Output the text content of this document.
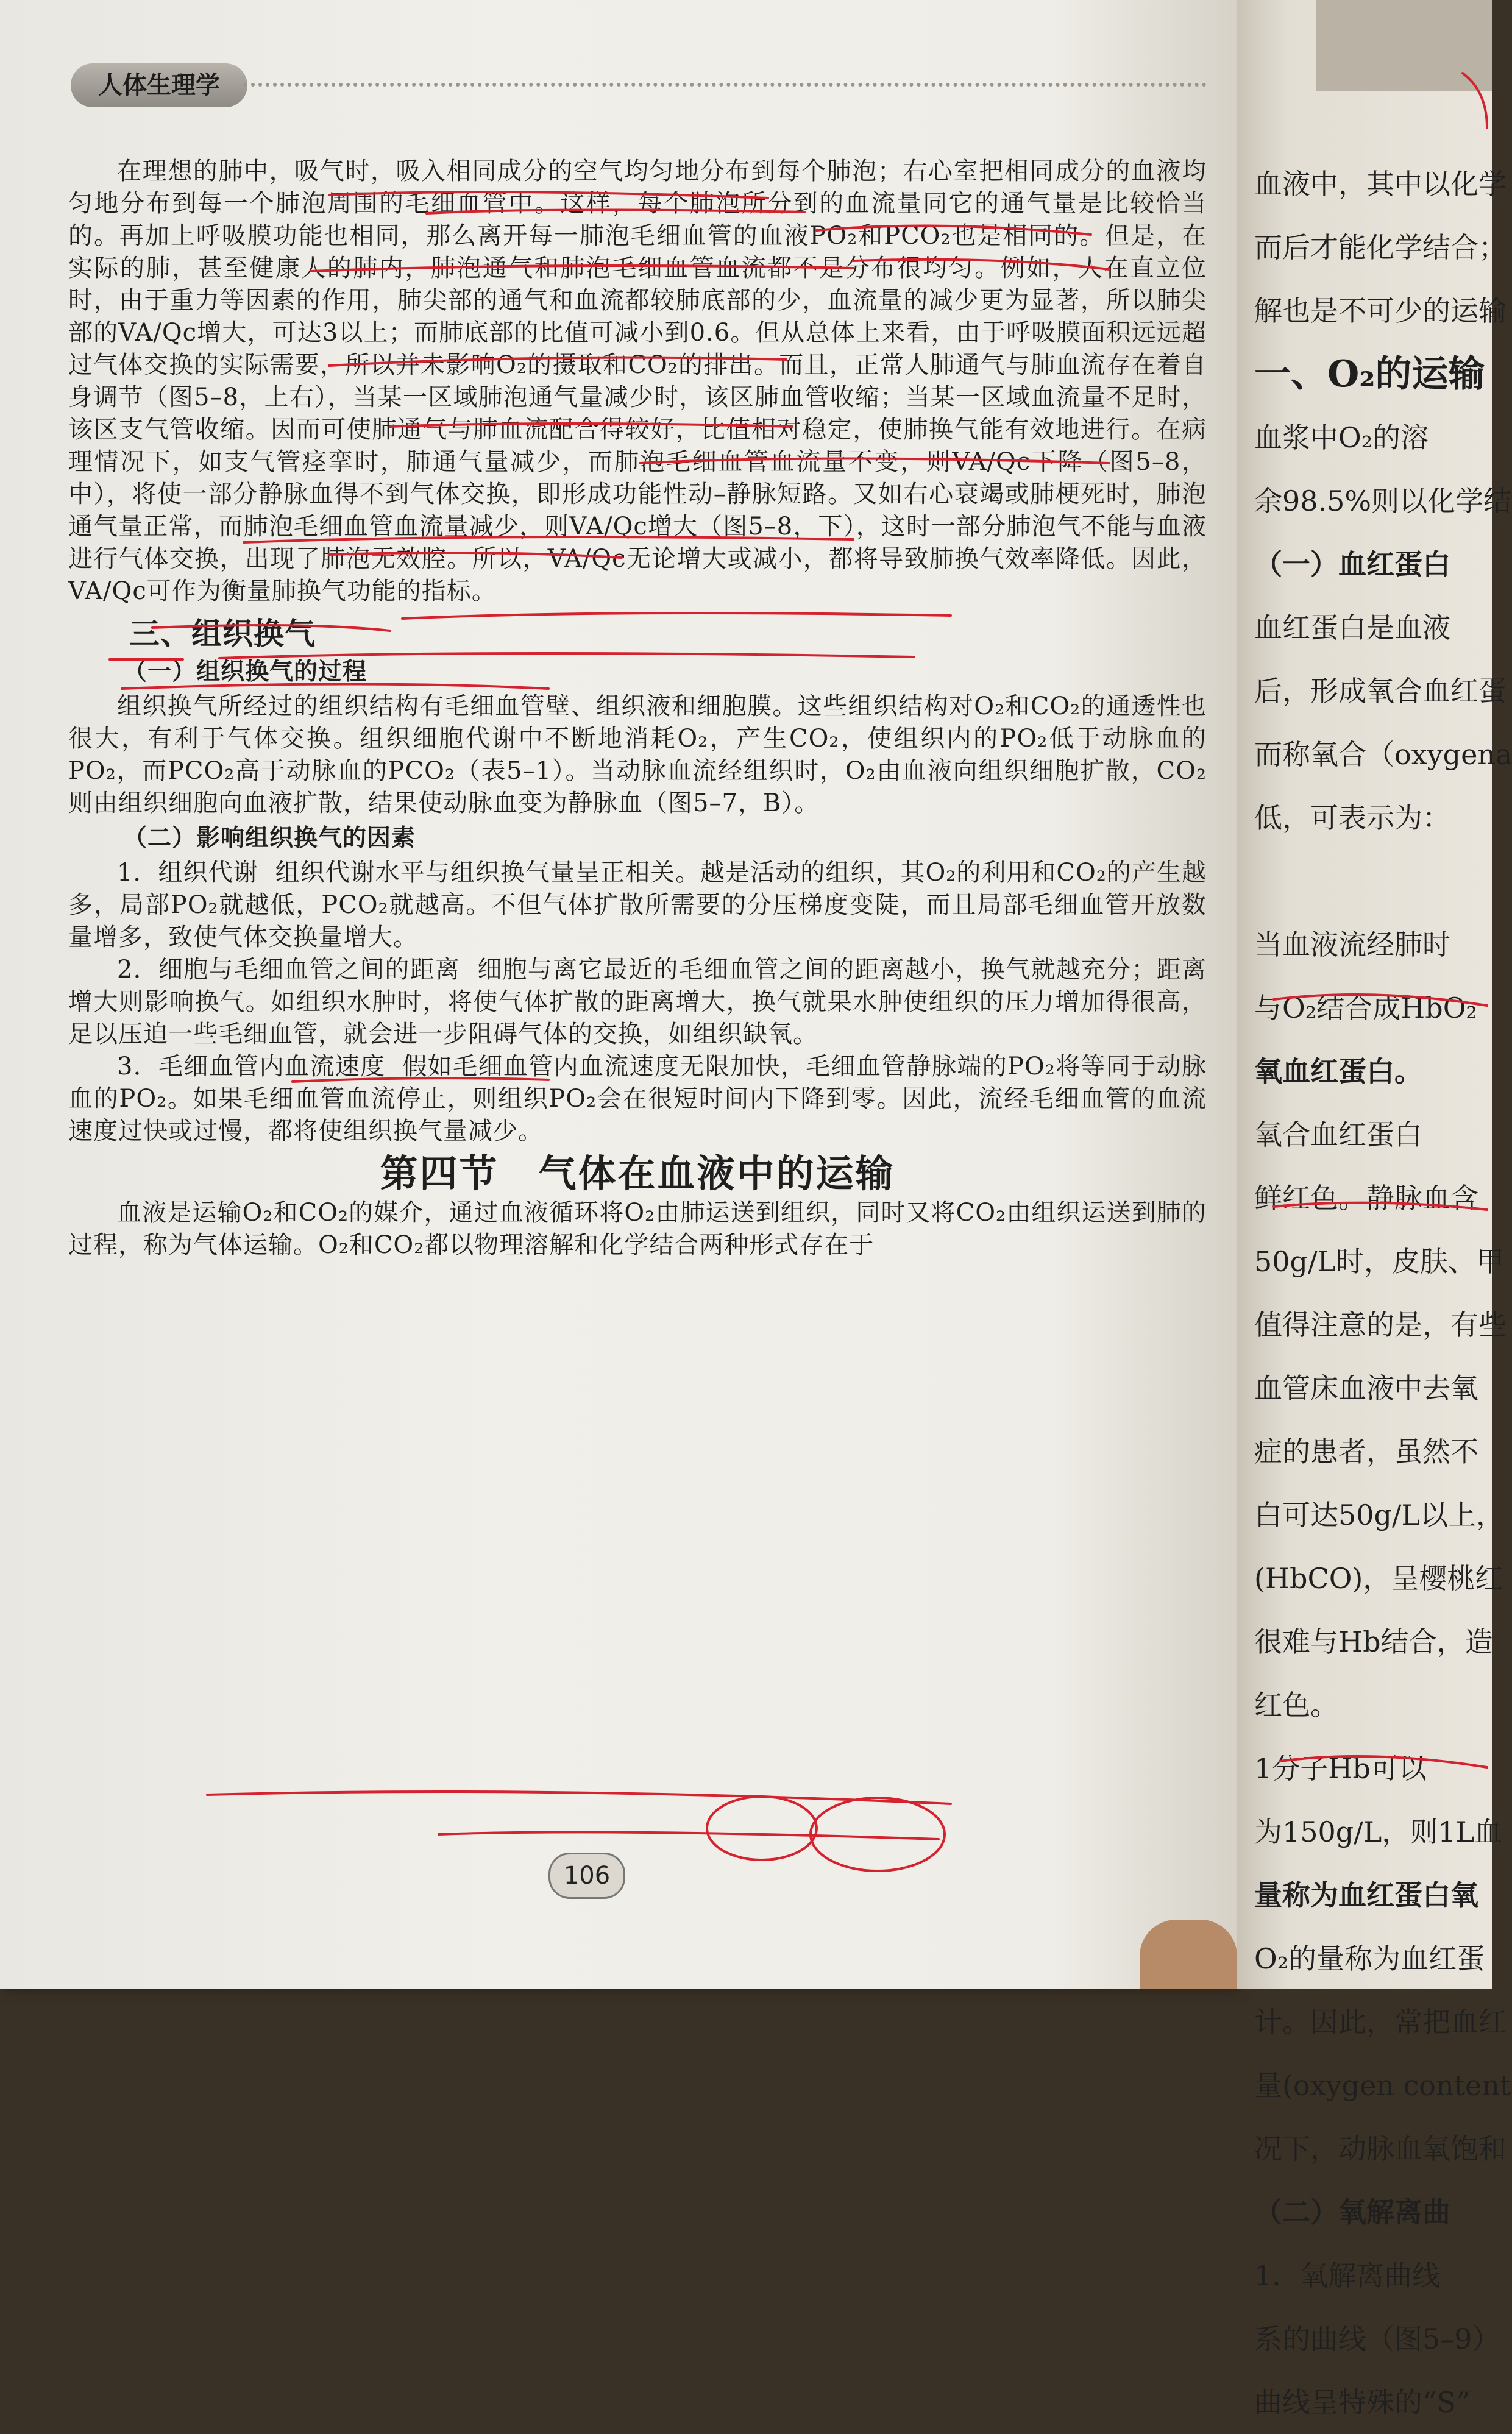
人体生理学

在理想的肺中，吸气时，吸入相同成分的空气均匀地分布到每个肺泡；右心室把相同成分的血液均匀地分布到每一个肺泡周围的毛细血管中。这样，每个肺泡所分到的血流量同它的通气量是比较恰当的。再加上呼吸膜功能也相同，那么离开每一肺泡毛细血管的血液PO₂和PCO₂也是相同的。但是，在实际的肺，甚至健康人的肺内，肺泡通气和肺泡毛细血管血流都不是分布很均匀。例如，人在直立位时，由于重力等因素的作用，肺尖部的通气和血流都较肺底部的少，血流量的减少更为显著，所以肺尖部的VA/Qc增大，可达3以上；而肺底部的比值可减小到0.6。但从总体上来看，由于呼吸膜面积远远超过气体交换的实际需要，所以并未影响O₂的摄取和CO₂的排出。而且，正常人肺通气与肺血流存在着自身调节（图5–8，上右），当某一区域肺泡通气量减少时，该区肺血管收缩；当某一区域血流量不足时，该区支气管收缩。因而可使肺通气与肺血流配合得较好，比值相对稳定，使肺换气能有效地进行。在病理情况下，如支气管痉挛时，肺通气量减少，而肺泡毛细血管血流量不变，则VA/Qc下降（图5–8，中），将使一部分静脉血得不到气体交换，即形成功能性动–静脉短路。又如右心衰竭或肺梗死时，肺泡通气量正常，而肺泡毛细血管血流量减少，则VA/Qc增大（图5–8，下），这时一部分肺泡气不能与血液进行气体交换，出现了肺泡无效腔。所以，VA/Qc无论增大或减小，都将导致肺换气效率降低。因此，VA/Qc可作为衡量肺换气功能的指标。

三、组织换气
（一）组织换气的过程

组织换气所经过的组织结构有毛细血管壁、组织液和细胞膜。这些组织结构对O₂和CO₂的通透性也很大，有利于气体交换。组织细胞代谢中不断地消耗O₂，产生CO₂，使组织内的PO₂低于动脉血的PO₂，而PCO₂高于动脉血的PCO₂（表5–1）。当动脉血流经组织时，O₂由血液向组织细胞扩散，CO₂则由组织细胞向血液扩散，结果使动脉血变为静脉血（图5–7，B）。

（二）影响组织换气的因素

1．组织代谢 组织代谢水平与组织换气量呈正相关。越是活动的组织，其O₂的利用和CO₂的产生越多，局部PO₂就越低，PCO₂就越高。不但气体扩散所需要的分压梯度变陡，而且局部毛细血管开放数量增多，致使气体交换量增大。

2．细胞与毛细血管之间的距离 细胞与离它最近的毛细血管之间的距离越小，换气就越充分；距离增大则影响换气。如组织水肿时，将使气体扩散的距离增大，换气就果水肿使组织的压力增加得很高，足以压迫一些毛细血管，就会进一步阻碍气体的交换，如组织缺氧。

3．毛细血管内血流速度 假如毛细血管内血流速度无限加快，毛细血管静脉端的PO₂将等同于动脉血的PO₂。如果毛细血管血流停止，则组织PO₂会在很短时间内下降到零。因此，流经毛细血管的血流速度过快或过慢，都将使组织换气量减少。

第四节　气体在血液中的运输

血液是运输O₂和CO₂的媒介，通过血液循环将O₂由肺运送到组织，同时又将CO₂由组织运送到肺的过程，称为气体运输。O₂和CO₂都以物理溶解和化学结合两种形式存在于

106
血液中，其中以化学
而后才能化学结合；
解也是不可少的运输
一、O₂的运输
血浆中O₂的溶
余98.5%则以化学结
（一）血红蛋白
血红蛋白是血液
后，形成氧合血红蛋
而称氧合（oxygena
低，可表示为：
当血液流经肺时
与O₂结合成HbO₂
氧血红蛋白。
氧合血红蛋白
鲜红色。静脉血含
50g/L时，皮肤、甲
值得注意的是，有些
血管床血液中去氧
症的患者，虽然不
白可达50g/L以上，
(HbCO)，呈樱桃红
很难与Hb结合，造
红色。
1分子Hb可以
为150g/L，则1L血
量称为血红蛋白氧
O₂的量称为血红蛋
计。因此，常把血红
量(oxygen content
况下，动脉血氧饱和
（二）氧解离曲
1．氧解离曲线
系的曲线（图5–9）
曲线呈特殊的“S”
